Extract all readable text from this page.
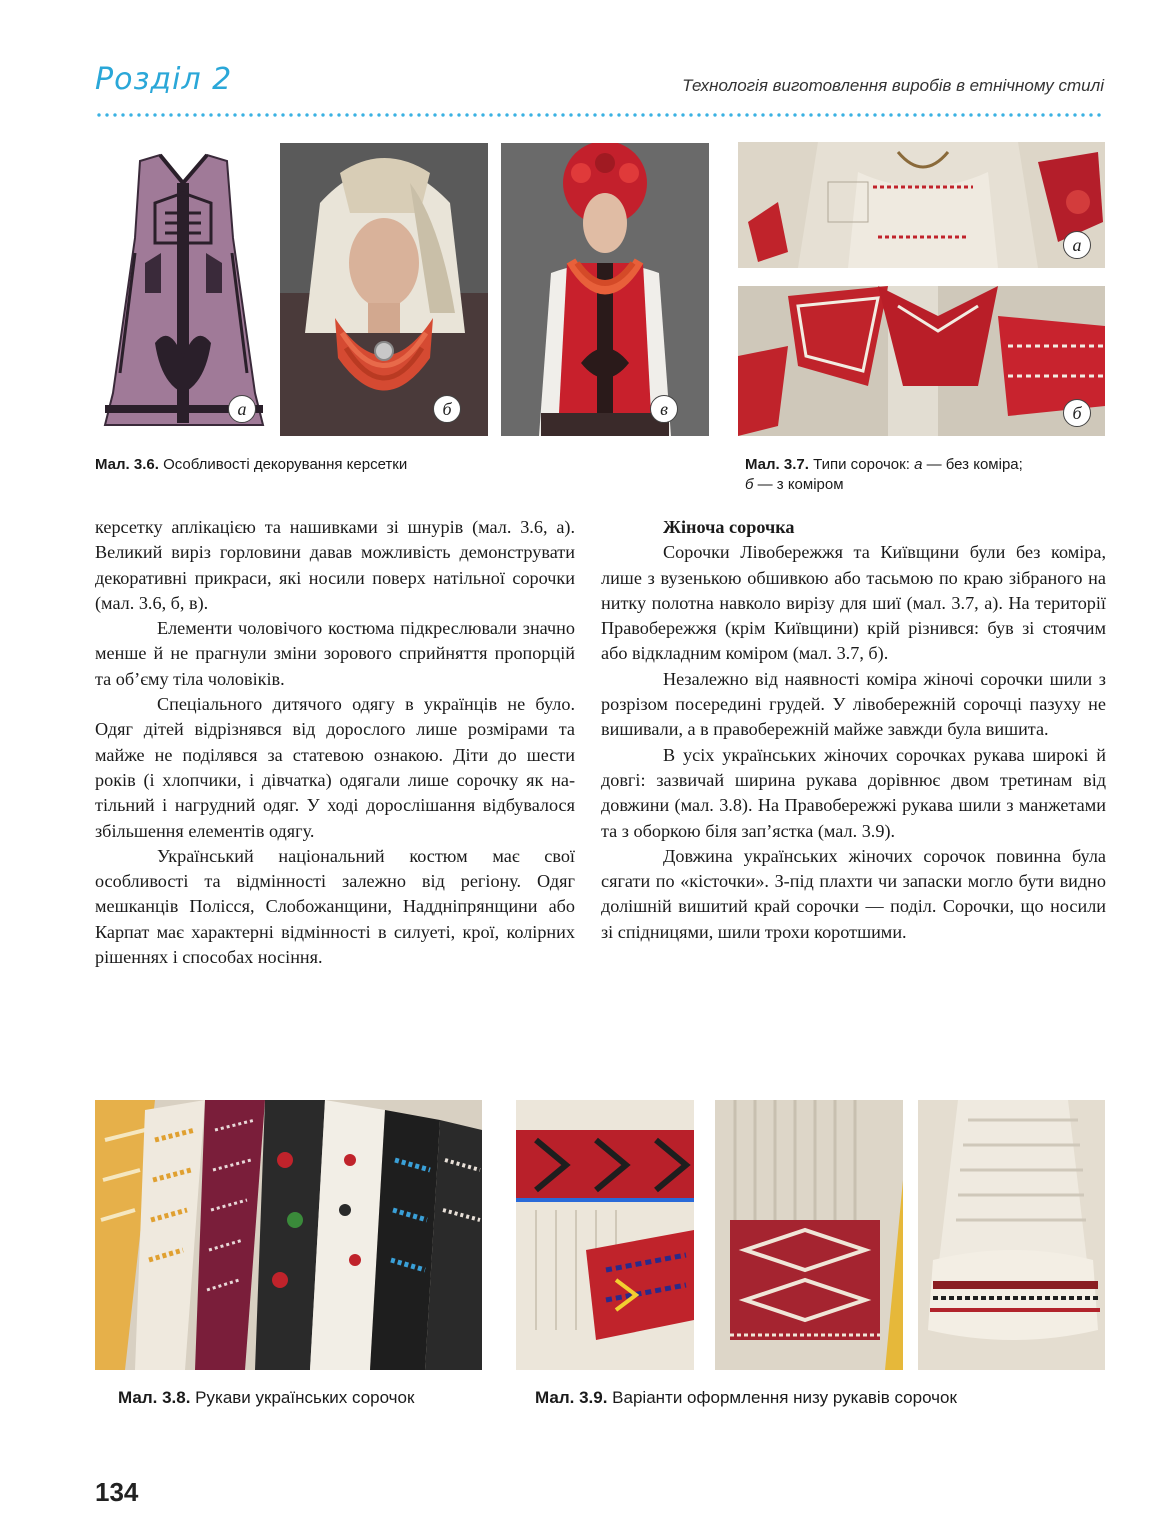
Розділ 2	Технологія виготовлення виробів в етнічному стилі
а	б	в
а
б
Мал. 3.6. Особливості декорування керсетки	Мал. 3.7. Типи сорочок: а — без коміра;
б — з коміром

керсетку аплікацією та нашивками зі шнурів (мал. 3.6, а). Великий виріз горловини давав можливість демонструвати декоративні прикраси, які носили поверх натільної сорочки (мал. 3.6, б, в).

Елементи чоловічого костюма підкреслювали значно менше й не прагнули зміни зорового сприйняття пропорцій та об’єму тіла чоловіків.

Спеціального дитячого одягу в українців не було. Одяг дітей відрізнявся від дорослого лише розмірами та майже не поділявся за статевою ознакою. Діти до шести років (і хлопчики, і дівчатка) одягали лише сорочку як натільний і нагрудний одяг. У ході дорослішання відбувалося збільшення елементів одягу.

Український національний костюм має свої особливості та відмінності залежно від регіону. Одяг мешканців Полісся, Слобожанщини, Наддніпрянщини або Карпат має характерні відмінності в силуеті, крої, колірних рішеннях і способах носіння.

Жіноча сорочка

Сорочки Лівобережжя та Київщини були без коміра, лише з вузенькою обшивкою або тасьмою по краю зібраного на нитку полотна навколо вирізу для шиї (мал. 3.7, а). На території Правобережжя (крім Київщини) крій різнився: був зі стоячим або відкладним коміром (мал. 3.7, б).

Незалежно від наявності коміра жіночі сорочки шили з розрізом посередині грудей. У лівобережній сорочці пазуху не вишивали, а в правобережній майже завжди була вишита.

В усіх українських жіночих сорочках рукава широкі й довгі: зазвичай ширина рукава дорівнює двом третинам від довжини (мал. 3.8). На Правобережжі рукава шили з манжетами та з оборкою біля зап’ястка (мал. 3.9).

Довжина українських жіночих сорочок повинна була сягати по «кісточки». З-під плахти чи запаски могло бути видно долішній вишитий край сорочки — поділ. Сорочки, що носили зі спідницями, шили трохи коротшими.

Мал. 3.8. Рукави українських сорочок	Мал. 3.9. Варіанти оформлення низу рукавів сорочок
134
